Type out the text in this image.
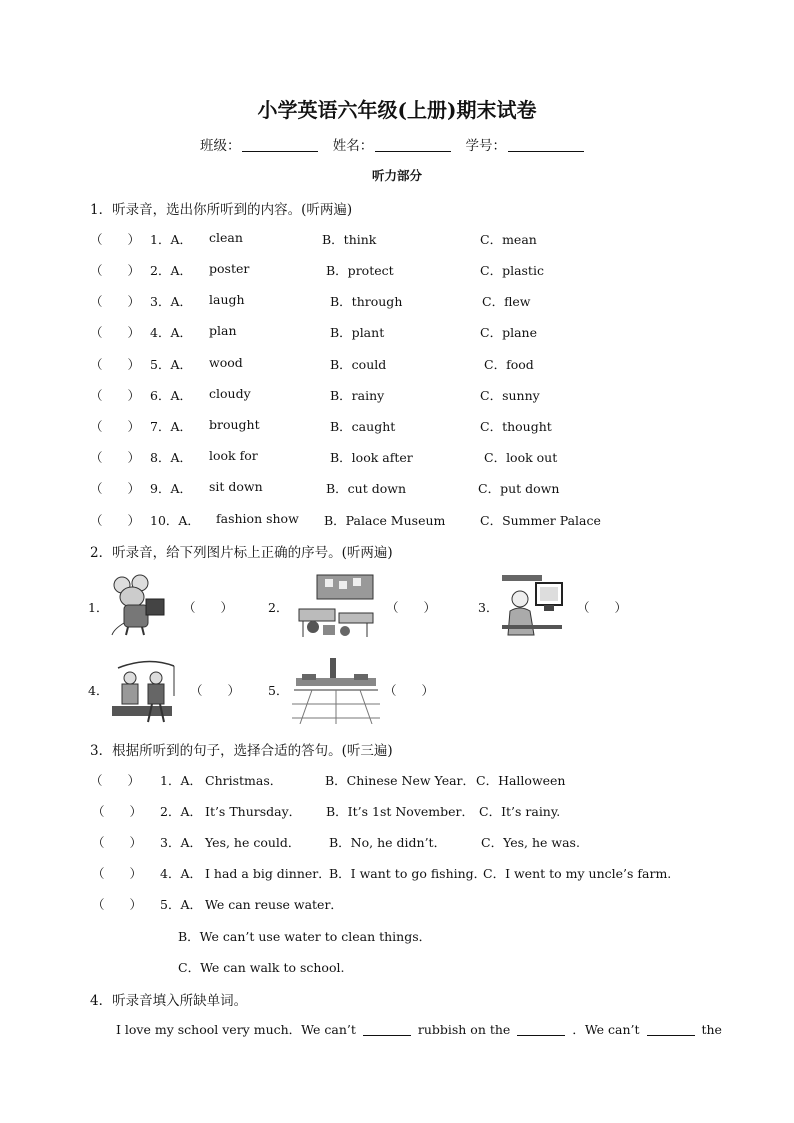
小学英语六年级(上册)期末试卷
班级：	姓名：	学号：
听力部分
1．听录音，选出你所听到的内容。(听两遍)
（　　） 1．A． clean	B．think	C．mean
（　　） 2．A． poster	B．protect	C．plastic
（　　） 3．A． laugh	B．through	C．flew
（　　） 4．A． plan	B．plant	C．plane
（　　） 5．A． wood	B．could	C．food
（　　） 6．A． cloudy	B．rainy	C．sunny
（　　） 7．A． brought	B．caught	C．thought
（　　） 8．A． look for	B．look after	C．look out
（　　） 9．A． sit down	B．cut down	C．put down
（　　） 10．A． fashion show B．Palace Museum	C．Summer Palace
2．听录音，给下列图片标上正确的序号。(听两遍)
1．	（　　）	2．	（　　）	3．	（　　）
4．	（　　） 5．	（　　）
3．根据所听到的句子，选择合适的答句。(听三遍)
（　　） 1．A． Christmas．	B．Chinese New Year． C．Halloween
（　　） 2．A． It’s Thursday． B．It’s 1st November． C．It’s rainy.
（　　） 3．A． Yes, he could． B．No, he didn’t．	C．Yes, he was.
（　　） 4．A． I had a big dinner．
B．I want to go fishing．
C．I went to my uncle’s farm.
（　　） 5．A． We can reuse water．
B．We can’t use water to clean things．
C．We can walk to school.
4．听录音填入所缺单词。
I love my school very much．We can’t	rubbish on the	．We can’t	the
